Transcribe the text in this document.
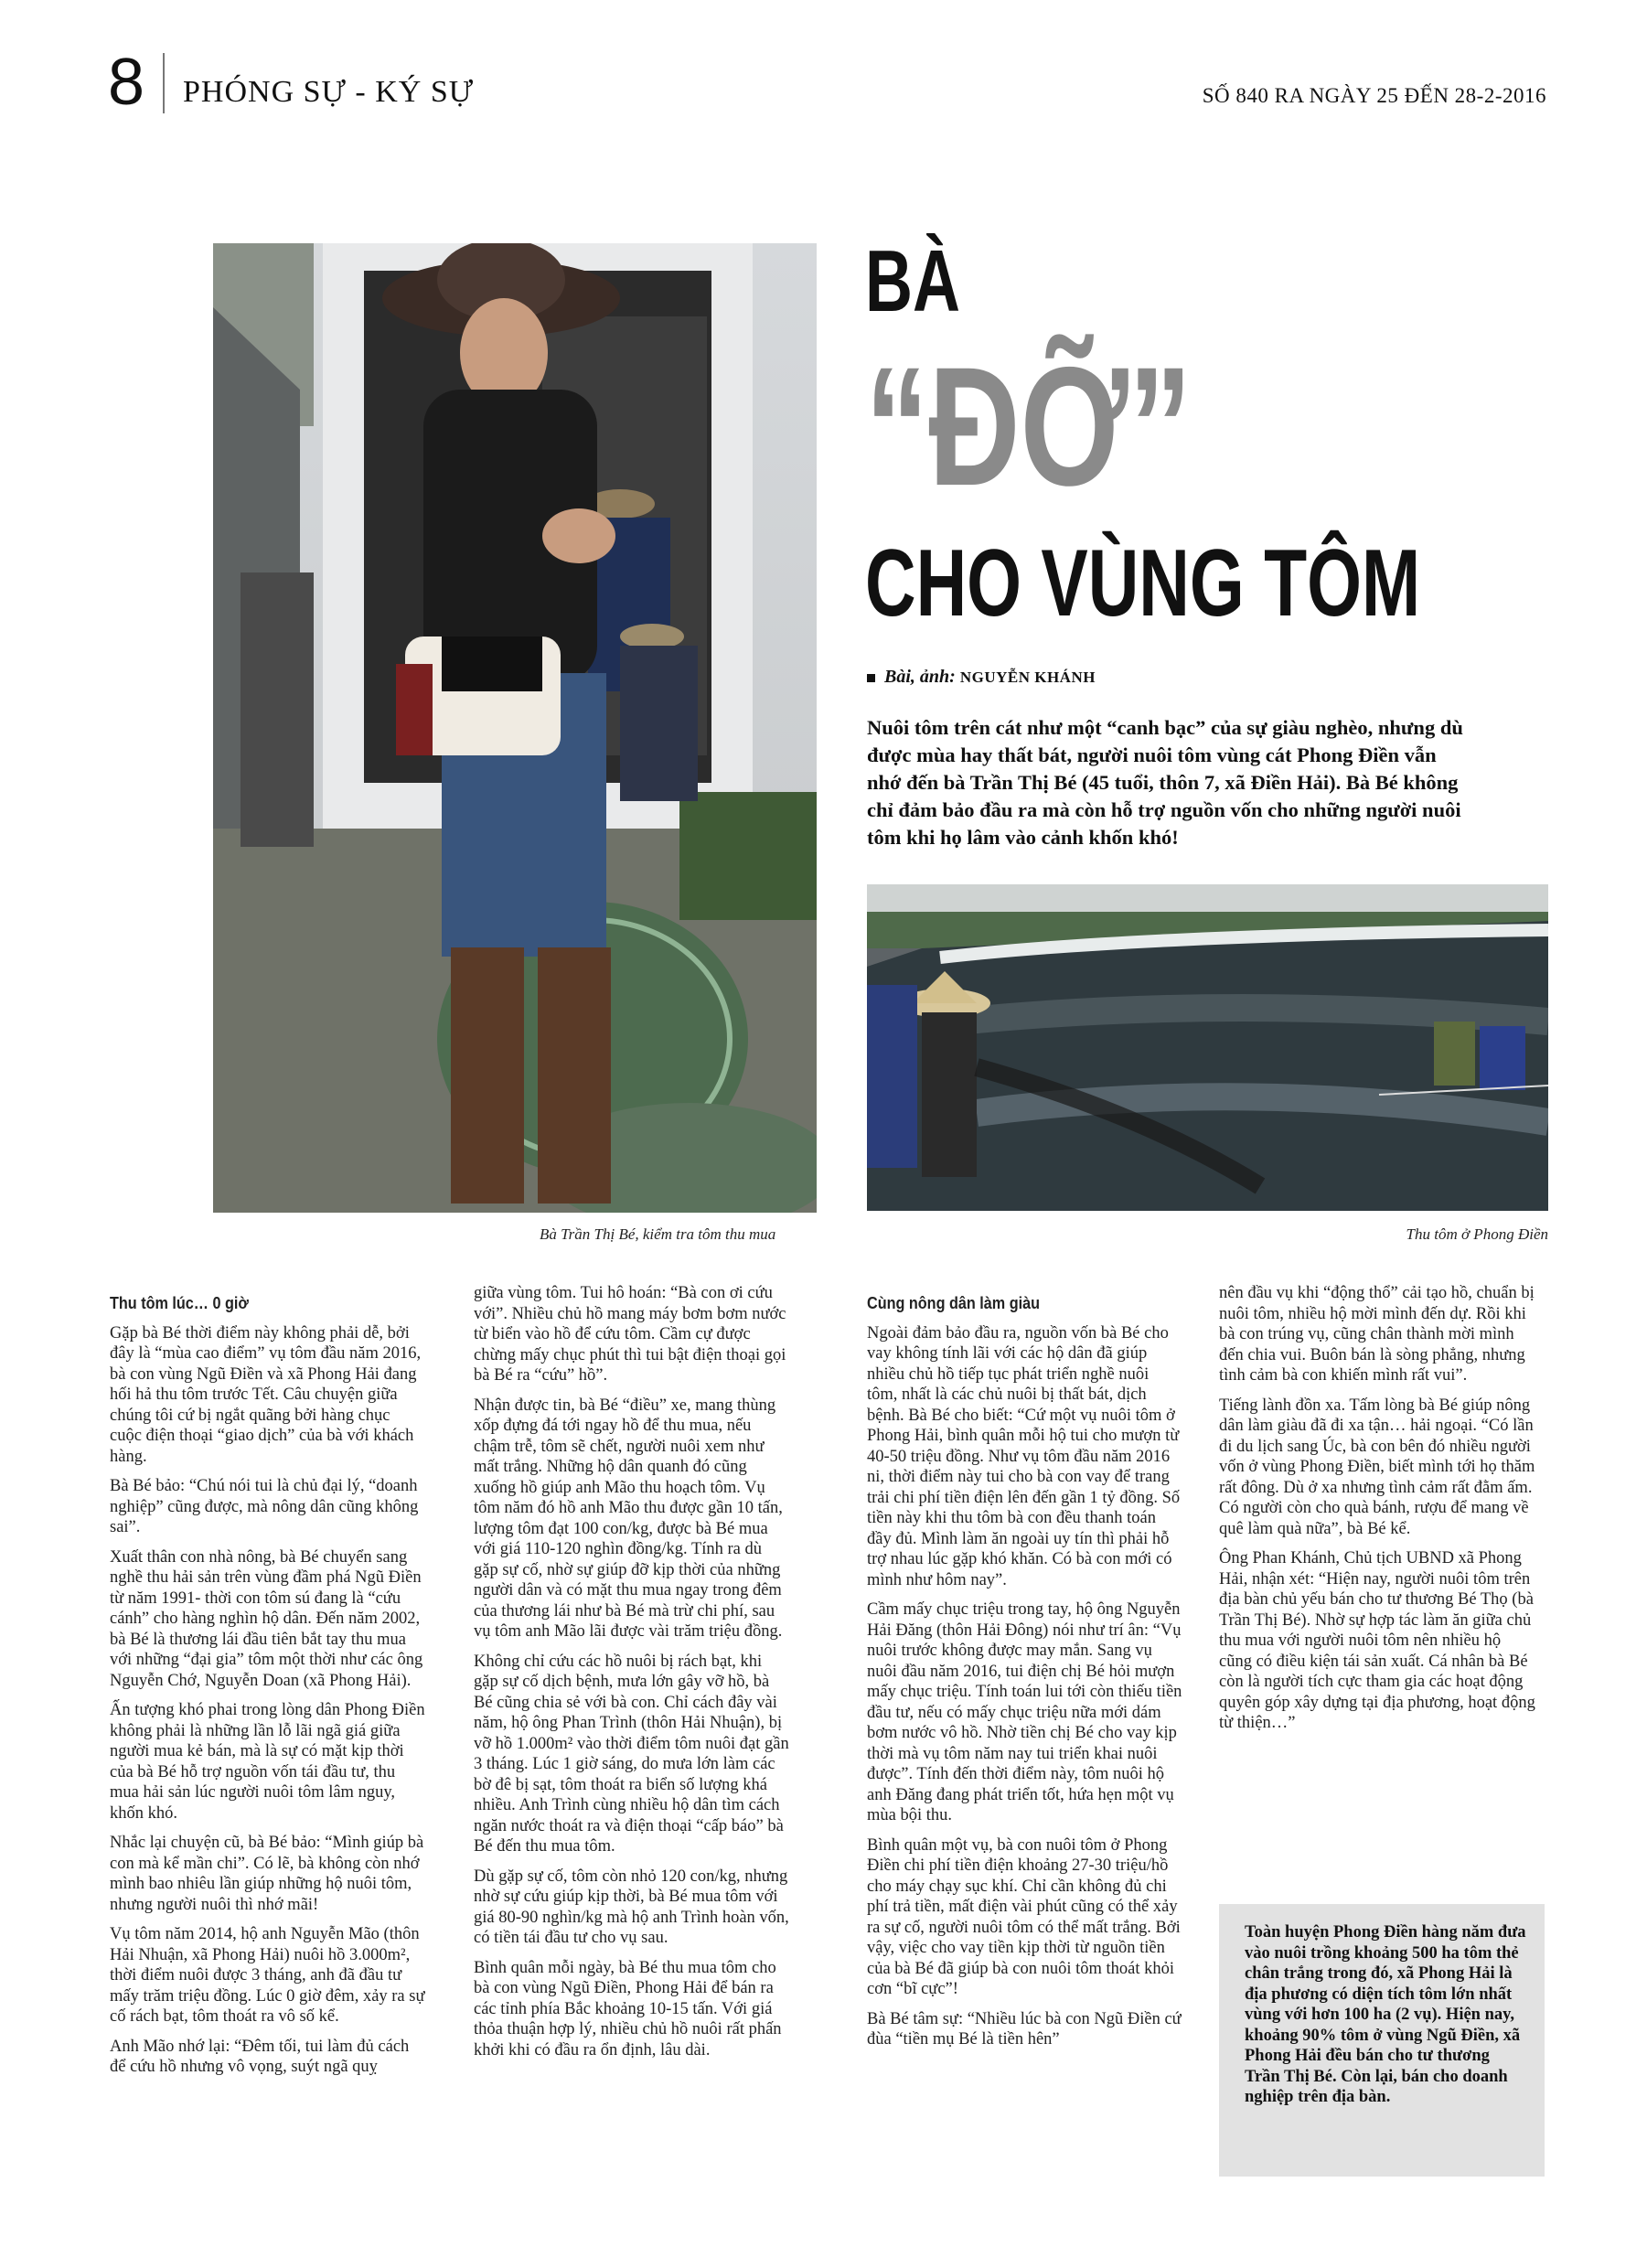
8 PHÓNG SỰ - KÝ SỰ	SỐ 840 RA NGÀY 25 ĐẾN 28-2-2016
Bà Trần Thị Bé, kiểm tra tôm thu mua
BÀ
“ĐỠ”
CHO VÙNG TÔM
Bài, ảnh: NGUYỄN KHÁNH
Nuôi tôm trên cát như một “canh bạc” của sự giàu nghèo, nhưng dù được mùa hay thất bát, người nuôi tôm vùng cát Phong Điền vẫn nhớ đến bà Trần Thị Bé (45 tuổi, thôn 7, xã Điền Hải). Bà Bé không chỉ đảm bảo đầu ra mà còn hỗ trợ nguồn vốn cho những người nuôi tôm khi họ lâm vào cảnh khốn khó!
Thu tôm ở Phong Điền
Thu tôm lúc… 0 giờ

Gặp bà Bé thời điểm này không phải dễ, bởi đây là “mùa cao điểm” vụ tôm đầu năm 2016, bà con vùng Ngũ Điền và xã Phong Hải đang hối hả thu tôm trước Tết. Câu chuyện giữa chúng tôi cứ bị ngắt quãng bởi hàng chục cuộc điện thoại “giao dịch” của bà với khách hàng.

Bà Bé bảo: “Chú nói tui là chủ đại lý, “doanh nghiệp” cũng được, mà nông dân cũng không sai”.

Xuất thân con nhà nông, bà Bé chuyển sang nghề thu hải sản trên vùng đầm phá Ngũ Điền từ năm 1991- thời con tôm sú đang là “cứu cánh” cho hàng nghìn hộ dân. Đến năm 2002, bà Bé là thương lái đầu tiên bắt tay thu mua với những “đại gia” tôm một thời như các ông Nguyễn Chớ, Nguyễn Doan (xã Phong Hải).

Ấn tượng khó phai trong lòng dân Phong Điền không phải là những lần lỗ lãi ngã giá giữa người mua kẻ bán, mà là sự có mặt kịp thời của bà Bé hỗ trợ nguồn vốn tái đầu tư, thu mua hải sản lúc người nuôi tôm lâm nguy, khốn khó.

Nhắc lại chuyện cũ, bà Bé bảo: “Mình giúp bà con mà kể mần chi”. Có lẽ, bà không còn nhớ mình bao nhiêu lần giúp những hộ nuôi tôm, nhưng người nuôi thì nhớ mãi!

Vụ tôm năm 2014, hộ anh Nguyễn Mão (thôn Hải Nhuận, xã Phong Hải) nuôi hồ 3.000m², thời điểm nuôi được 3 tháng, anh đã đầu tư mấy trăm triệu đồng. Lúc 0 giờ đêm, xảy ra sự cố rách bạt, tôm thoát ra vô số kể.

Anh Mão nhớ lại: “Đêm tối, tui làm đủ cách để cứu hồ nhưng vô vọng, suýt ngã quỵ

giữa vùng tôm. Tui hô hoán: “Bà con ơi cứu với”. Nhiều chủ hồ mang máy bơm bơm nước từ biển vào hồ để cứu tôm. Cầm cự được chừng mấy chục phút thì tui bật điện thoại gọi bà Bé ra “cứu” hồ”.

Nhận được tin, bà Bé “điều” xe, mang thùng xốp đựng đá tới ngay hồ để thu mua, nếu chậm trễ, tôm sẽ chết, người nuôi xem như mất trắng. Những hộ dân quanh đó cũng xuống hồ giúp anh Mão thu hoạch tôm. Vụ tôm năm đó hồ anh Mão thu được gần 10 tấn, lượng tôm đạt 100 con/kg, được bà Bé mua với giá 110-120 nghìn đồng/kg. Tính ra dù gặp sự cố, nhờ sự giúp đỡ kịp thời của những người dân và có mặt thu mua ngay trong đêm của thương lái như bà Bé mà trừ chi phí, sau vụ tôm anh Mão lãi được vài trăm triệu đồng.

Không chỉ cứu các hồ nuôi bị rách bạt, khi gặp sự cố dịch bệnh, mưa lớn gây vỡ hồ, bà Bé cũng chia sẻ với bà con. Chỉ cách đây vài năm, hộ ông Phan Trình (thôn Hải Nhuận), bị vỡ hồ 1.000m² vào thời điểm tôm nuôi đạt gần 3 tháng. Lúc 1 giờ sáng, do mưa lớn làm các bờ đê bị sạt, tôm thoát ra biển số lượng khá nhiều. Anh Trình cùng nhiều hộ dân tìm cách ngăn nước thoát ra và điện thoại “cấp báo” bà Bé đến thu mua tôm.

Dù gặp sự cố, tôm còn nhỏ 120 con/kg, nhưng nhờ sự cứu giúp kịp thời, bà Bé mua tôm với giá 80-90 nghìn/kg mà hộ anh Trình hoàn vốn, có tiền tái đầu tư cho vụ sau.

Bình quân mỗi ngày, bà Bé thu mua tôm cho bà con vùng Ngũ Điền, Phong Hải để bán ra các tỉnh phía Bắc khoảng 10-15 tấn. Với giá thỏa thuận hợp lý, nhiều chủ hồ nuôi rất phấn khởi khi có đầu ra ổn định, lâu dài.

Cùng nông dân làm giàu

Ngoài đảm bảo đầu ra, nguồn vốn bà Bé cho vay không tính lãi với các hộ dân đã giúp nhiều chủ hồ tiếp tục phát triển nghề nuôi tôm, nhất là các chủ nuôi bị thất bát, dịch bệnh. Bà Bé cho biết: “Cứ một vụ nuôi tôm ở Phong Hải, bình quân mỗi hộ tui cho mượn từ 40-50 triệu đồng. Như vụ tôm đầu năm 2016 ni, thời điểm này tui cho bà con vay để trang trải chi phí tiền điện lên đến gần 1 tỷ đồng. Số tiền này khi thu tôm bà con đều thanh toán đầy đủ. Mình làm ăn ngoài uy tín thì phải hỗ trợ nhau lúc gặp khó khăn. Có bà con mới có mình như hôm nay”.

Cầm mấy chục triệu trong tay, hộ ông Nguyễn Hải Đăng (thôn Hải Đông) nói như trí ân: “Vụ nuôi trước không được may mắn. Sang vụ nuôi đầu năm 2016, tui điện chị Bé hỏi mượn mấy chục triệu. Tính toán lui tới còn thiếu tiền đầu tư, nếu có mấy chục triệu nữa mới dám bơm nước vô hồ. Nhờ tiền chị Bé cho vay kịp thời mà vụ tôm năm nay tui triển khai nuôi được”. Tính đến thời điểm này, tôm nuôi hộ anh Đăng đang phát triển tốt, hứa hẹn một vụ mùa bội thu.

Bình quân một vụ, bà con nuôi tôm ở Phong Điền chi phí tiền điện khoảng 27-30 triệu/hồ cho máy chạy sục khí. Chỉ cần không đủ chi phí trả tiền, mất điện vài phút cũng có thể xảy ra sự cố, người nuôi tôm có thể mất trắng. Bởi vậy, việc cho vay tiền kịp thời từ nguồn tiền của bà Bé đã giúp bà con nuôi tôm thoát khỏi cơn “bĩ cực”!

Bà Bé tâm sự: “Nhiều lúc bà con Ngũ Điền cứ đùa “tiền mụ Bé là tiền hên”

nên đầu vụ khi “động thổ” cải tạo hồ, chuẩn bị nuôi tôm, nhiều hộ mời mình đến dự. Rồi khi bà con trúng vụ, cũng chân thành mời mình đến chia vui. Buôn bán là sòng phẳng, nhưng tình cảm bà con khiến mình rất vui”.

Tiếng lành đồn xa. Tấm lòng bà Bé giúp nông dân làm giàu đã đi xa tận… hải ngoại. “Có lần đi du lịch sang Úc, bà con bên đó nhiều người vốn ở vùng Phong Điền, biết mình tới họ thăm rất đông. Dù ở xa nhưng tình cảm rất đằm ấm. Có người còn cho quà bánh, rượu để mang về quê làm quà nữa”, bà Bé kể.

Ông Phan Khánh, Chủ tịch UBND xã Phong Hải, nhận xét: “Hiện nay, người nuôi tôm trên địa bàn chủ yếu bán cho tư thương Bé Thọ (bà Trần Thị Bé). Nhờ sự hợp tác làm ăn giữa chủ thu mua với người nuôi tôm nên nhiều hộ cũng có điều kiện tái sản xuất. Cá nhân bà Bé còn là người tích cực tham gia các hoạt động quyên góp xây dựng tại địa phương, hoạt động từ thiện…”

Toàn huyện Phong Điền hàng năm đưa vào nuôi trồng khoảng 500 ha tôm thẻ chân trắng trong đó, xã Phong Hải là địa phương có diện tích tôm lớn nhất vùng với hơn 100 ha (2 vụ). Hiện nay, khoảng 90% tôm ở vùng Ngũ Điền, xã Phong Hải đều bán cho tư thương Trần Thị Bé. Còn lại, bán cho doanh nghiệp trên địa bàn.
